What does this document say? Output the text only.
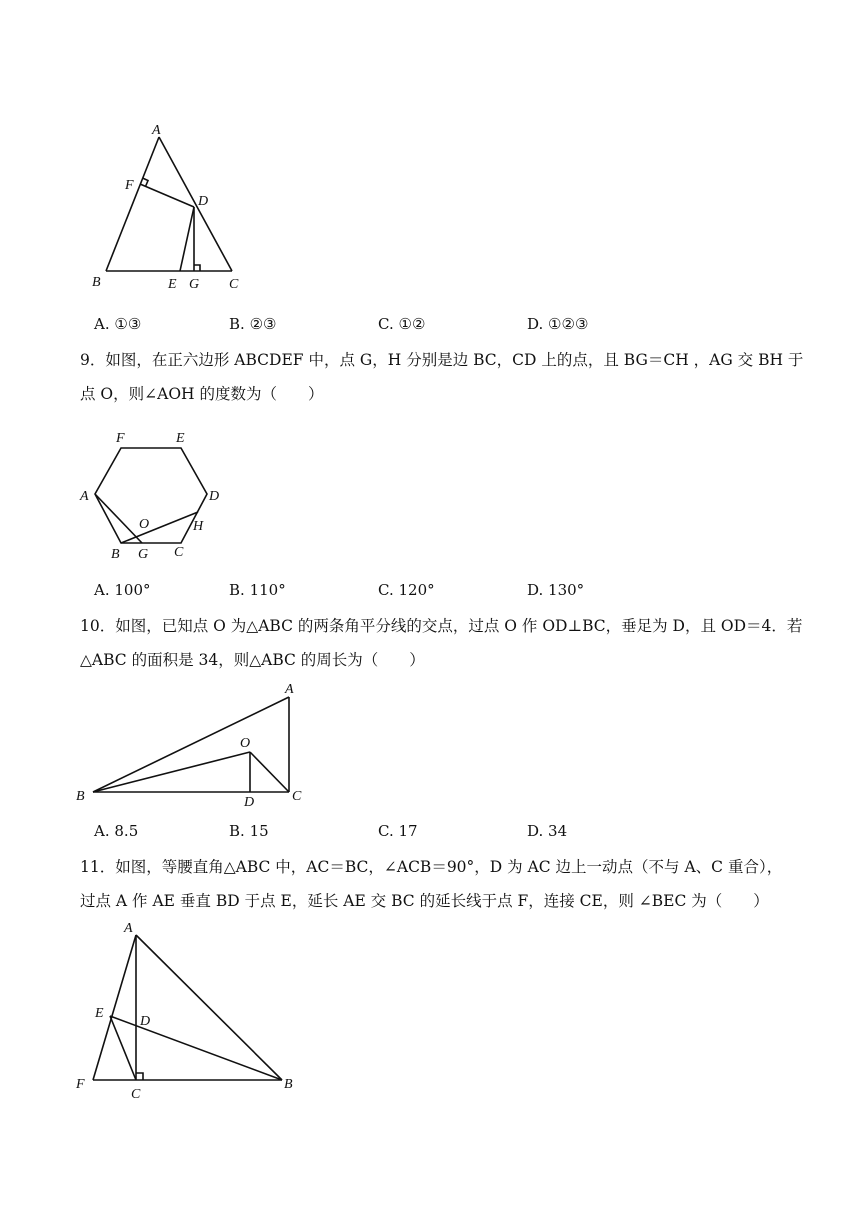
A
F
D
B	E G C
A. ①③	B. ②③	C. ①②	D. ①②③
9．如图，在正六边形 ABCDEF 中，点 G，H 分别是边 BC，CD 上的点，且 BG＝CH ，AG 交 BH 于
点 O，则∠AOH 的度数为（　　）
F	E
A	D
O	H
B G C
A. 100°	B. 110°	C. 120°	D. 130°
10．如图，已知点 O 为△ABC 的两条角平分线的交点，过点 O 作 OD⊥BC，垂足为 D，且 OD＝4．若
△ABC 的面积是 34，则△ABC 的周长为（　　）
A
O
B	D	C
A. 8.5	B. 15	C. 17	D. 34
11．如图，等腰直角△ABC 中，AC＝BC，∠ACB＝90°，D 为 AC 边上一动点（不与 A、C 重合），
过点 A 作 AE 垂直 BD 于点 E，延长 AE 交 BC 的延长线于点 F，连接 CE，则 ∠BEC 为（　　）
A
E
D
F
C
B
